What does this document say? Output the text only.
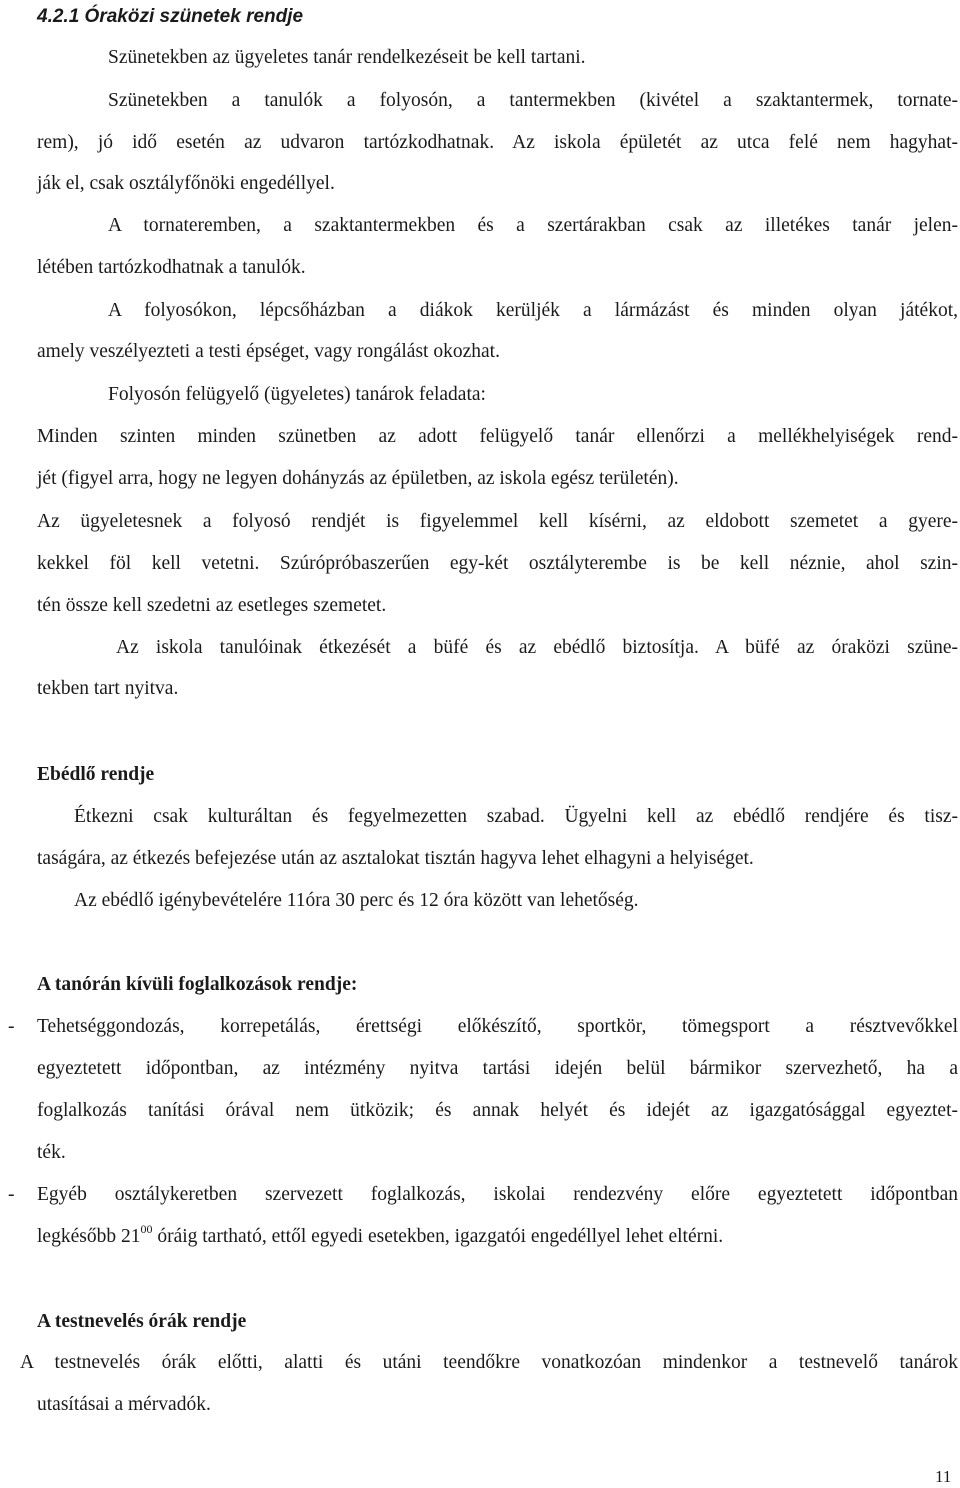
4.2.1 Óraközi szünetek rendje
Szünetekben az ügyeletes tanár rendelkezéseit be kell tartani.
Szünetekben a tanulók a folyosón, a tantermekben (kivétel a szaktantermek, tornate-
rem), jó idő esetén az udvaron tartózkodhatnak. Az iskola épületét az utca felé nem hagyhat-
ják el, csak osztályfőnöki engedéllyel.
A tornateremben, a szaktantermekben és a szertárakban csak az illetékes tanár jelen-
létében tartózkodhatnak a tanulók.
A folyosókon, lépcsőházban a diákok kerüljék a lármázást és minden olyan játékot,
amely veszélyezteti a testi épséget, vagy rongálást okozhat.
Folyosón felügyelő (ügyeletes) tanárok feladata:
Minden szinten minden szünetben az adott felügyelő tanár ellenőrzi a mellékhelyiségek rend-
jét (figyel arra, hogy ne legyen dohányzás az épületben, az iskola egész területén).
Az ügyeletesnek a folyosó rendjét is figyelemmel kell kísérni, az eldobott szemetet a gyere-
kekkel föl kell vetetni. Szúrópróbaszerűen egy-két osztályterembe is be kell néznie, ahol szin-
tén össze kell szedetni az esetleges szemetet.
Az iskola tanulóinak étkezését a büfé és az ebédlő biztosítja. A büfé az óraközi szüne-
tekben tart nyitva.
Ebédlő rendje
Étkezni csak kulturáltan és fegyelmezetten szabad. Ügyelni kell az ebédlő rendjére és tisz-
taságára, az étkezés befejezése után az asztalokat tisztán hagyva lehet elhagyni a helyiséget.
Az ebédlő igénybevételére 11óra 30 perc és 12 óra között van lehetőség.
A tanórán kívüli foglalkozások rendje:
- Tehetséggondozás, korrepetálás, érettségi előkészítő, sportkör, tömegsport a résztvevőkkel
egyeztetett időpontban, az intézmény nyitva tartási idején belül bármikor szervezhető, ha a
foglalkozás tanítási órával nem ütközik; és annak helyét és idejét az igazgatósággal egyeztet-
ték.
- Egyéb osztálykeretben szervezett foglalkozás, iskolai rendezvény előre egyeztetett időpontban
legkésőbb $21^{00}$ óráig tartható, ettől egyedi esetekben, igazgatói engedéllyel lehet eltérni.
A testnevelés órák rendje
A testnevelés órák előtti, alatti és utáni teendőkre vonatkozóan mindenkor a testnevelő tanárok
utasításai a mérvadók.
11
